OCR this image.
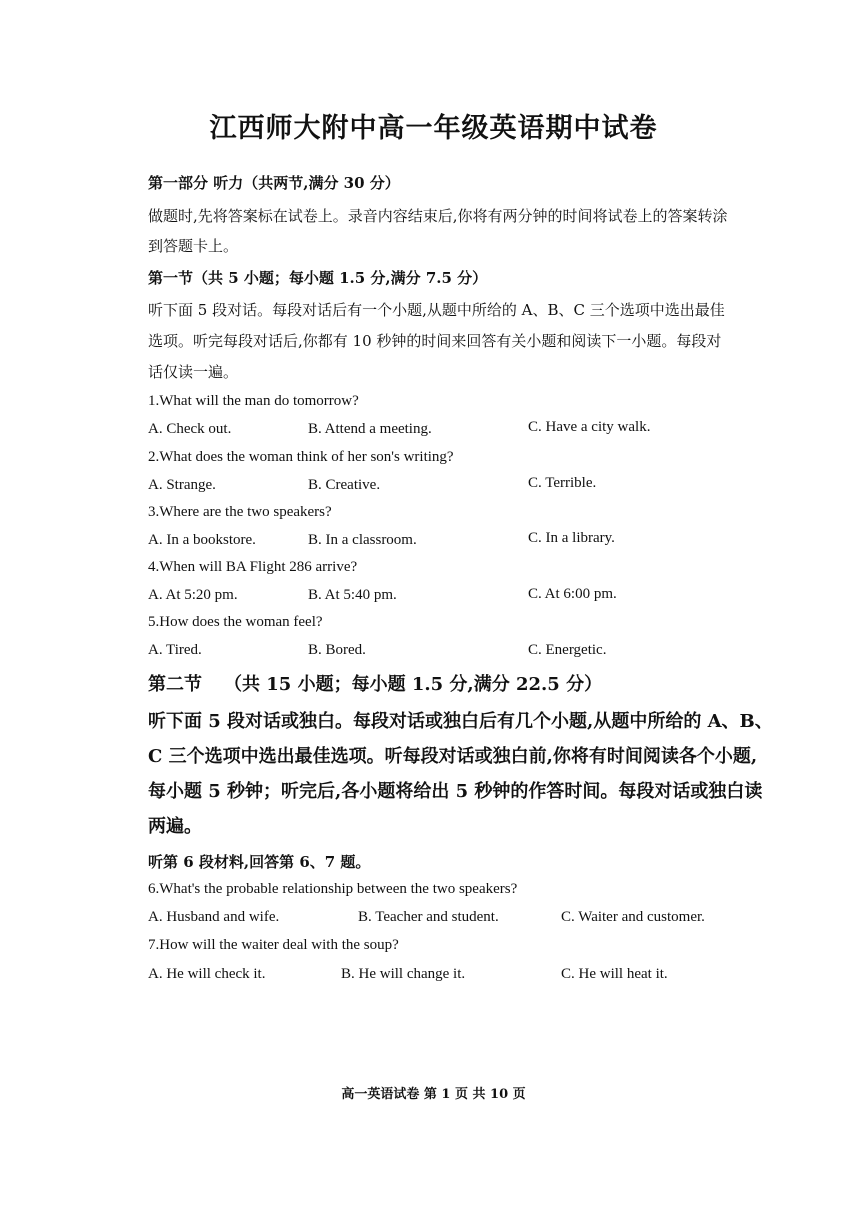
江西师大附中高一年级英语期中试卷
第一部分 听力（共两节,满分 30 分）
做题时,先将答案标在试卷上。录音内容结束后,你将有两分钟的时间将试卷上的答案转涂
到答题卡上。
第一节（共 5 小题；每小题 1.5 分,满分 7.5 分）
听下面 5 段对话。每段对话后有一个小题,从题中所给的 A、B、C 三个选项中选出最佳
选项。听完每段对话后,你都有 10 秒钟的时间来回答有关小题和阅读下一小题。每段对
话仅读一遍。
1.What will the man do tomorrow?
A. Check out.	B. Attend a meeting.	C. Have a city walk.
2.What does the woman think of her son's writing?
A. Strange.	B. Creative.	C. Terrible.
3.Where are the two speakers?
A. In a bookstore.	B. In a classroom.	C. In a library.
4.When will BA Flight 286 arrive?
A. At 5:20 pm.	B. At 5:40 pm.	C. At 6:00 pm.
5.How does the woman feel?
A. Tired.	B. Bored.	C. Energetic.
第二节 （共 15 小题；每小题 1.5 分,满分 22.5 分）
听下面 5 段对话或独白。每段对话或独白后有几个小题,从题中所给的 A、B、
C 三个选项中选出最佳选项。听每段对话或独白前,你将有时间阅读各个小题,
每小题 5 秒钟；听完后,各小题将给出 5 秒钟的作答时间。每段对话或独白读
两遍。
听第 6 段材料,回答第 6、7 题。
6.What's the probable relationship between the two speakers?
A. Husband and wife.	B. Teacher and student.	C. Waiter and customer.
7.How will the waiter deal with the soup?
A. He will check it.	B. He will change it.	C. He will heat it.
高一英语试卷 第 1 页 共 10 页
